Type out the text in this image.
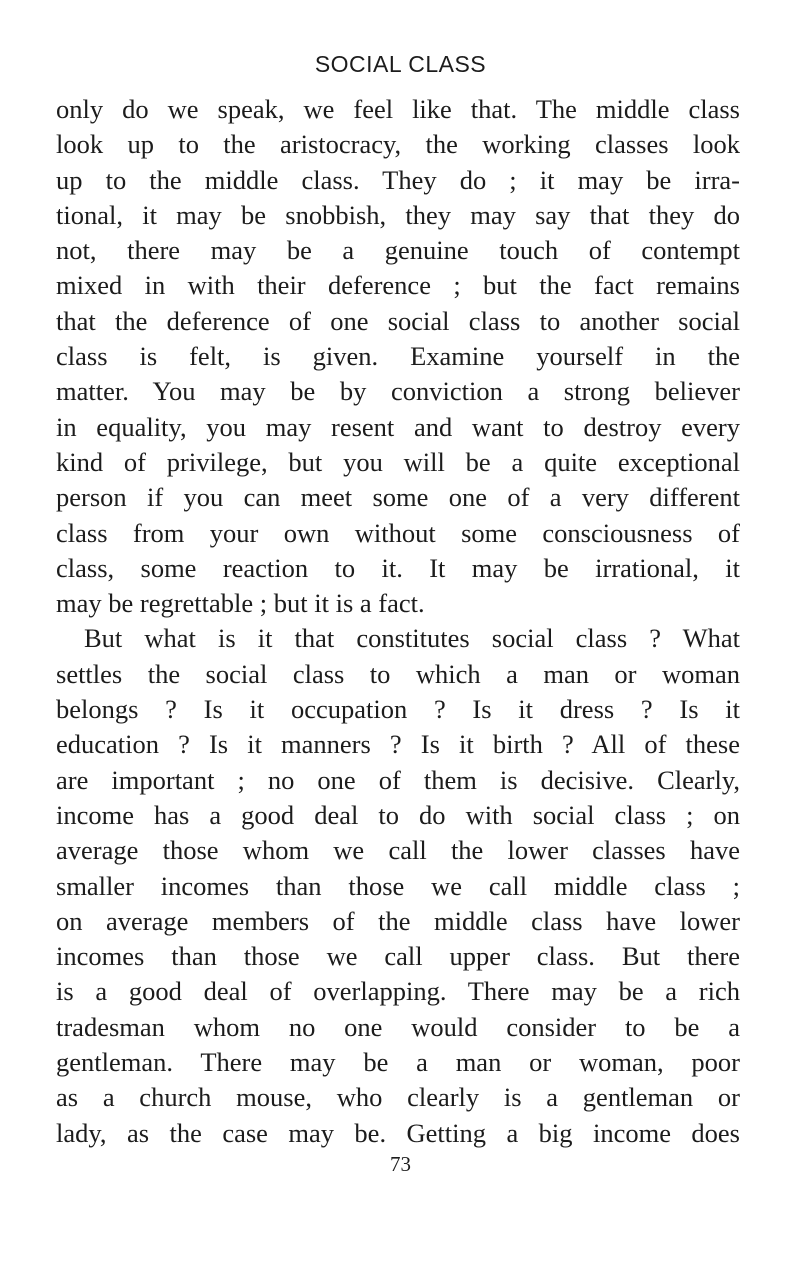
SOCIAL CLASS
only do we speak, we feel like that. The middle class
look up to the aristocracy, the working classes look
up to the middle class. They do ; it may be irra-
tional, it may be snobbish, they may say that they do
not, there may be a genuine touch of contempt
mixed in with their deference ; but the fact remains
that the deference of one social class to another social
class is felt, is given. Examine yourself in the
matter. You may be by conviction a strong believer
in equality, you may resent and want to destroy every
kind of privilege, but you will be a quite exceptional
person if you can meet some one of a very different
class from your own without some consciousness of
class, some reaction to it. It may be irrational, it
may be regrettable ; but it is a fact.
But what is it that constitutes social class ? What
settles the social class to which a man or woman
belongs ? Is it occupation ? Is it dress ? Is it
education ? Is it manners ? Is it birth ? All of these
are important ; no one of them is decisive. Clearly,
income has a good deal to do with social class ; on
average those whom we call the lower classes have
smaller incomes than those we call middle class ;
on average members of the middle class have lower
incomes than those we call upper class. But there
is a good deal of overlapping. There may be a rich
tradesman whom no one would consider to be a
gentleman. There may be a man or woman, poor
as a church mouse, who clearly is a gentleman or
lady, as the case may be. Getting a big income does
73
